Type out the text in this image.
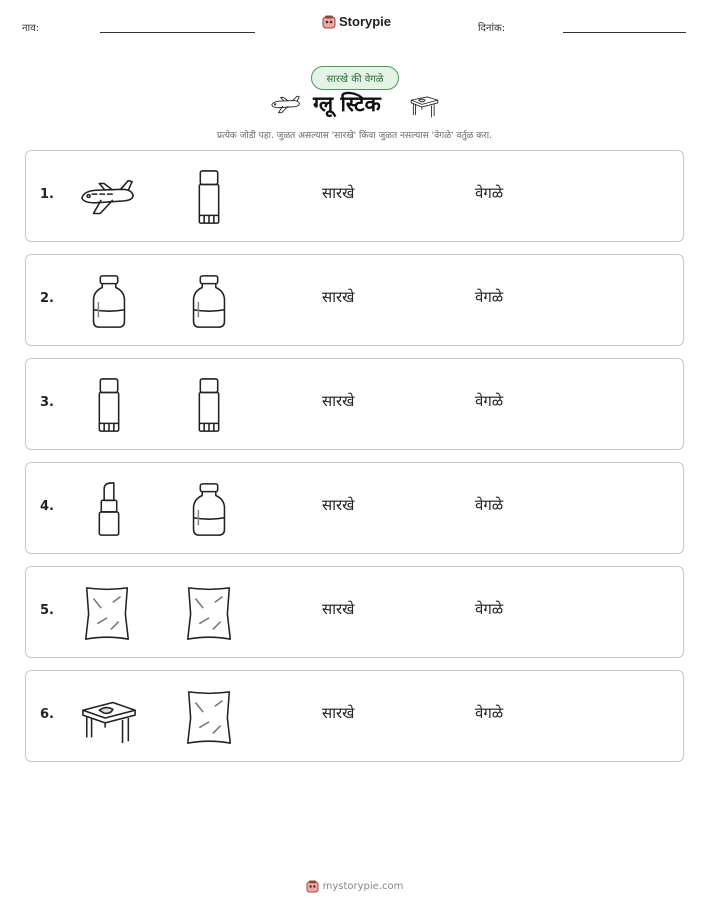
नाव:	Storypie	दिनांक:
सारखे की वेगळे
ग्लू स्टिक
प्रत्येक जोडी पहा. जुळत असल्यास 'सारखे' किंवा जुळत नसल्यास 'वेगळे' वर्तुळ करा.
1.	सारखे	वेगळे
2.	सारखे	वेगळे
3.	सारखे	वेगळे
4.	सारखे	वेगळे
5.	सारखे	वेगळे
6.	सारखे	वेगळे
mystorypie.com
